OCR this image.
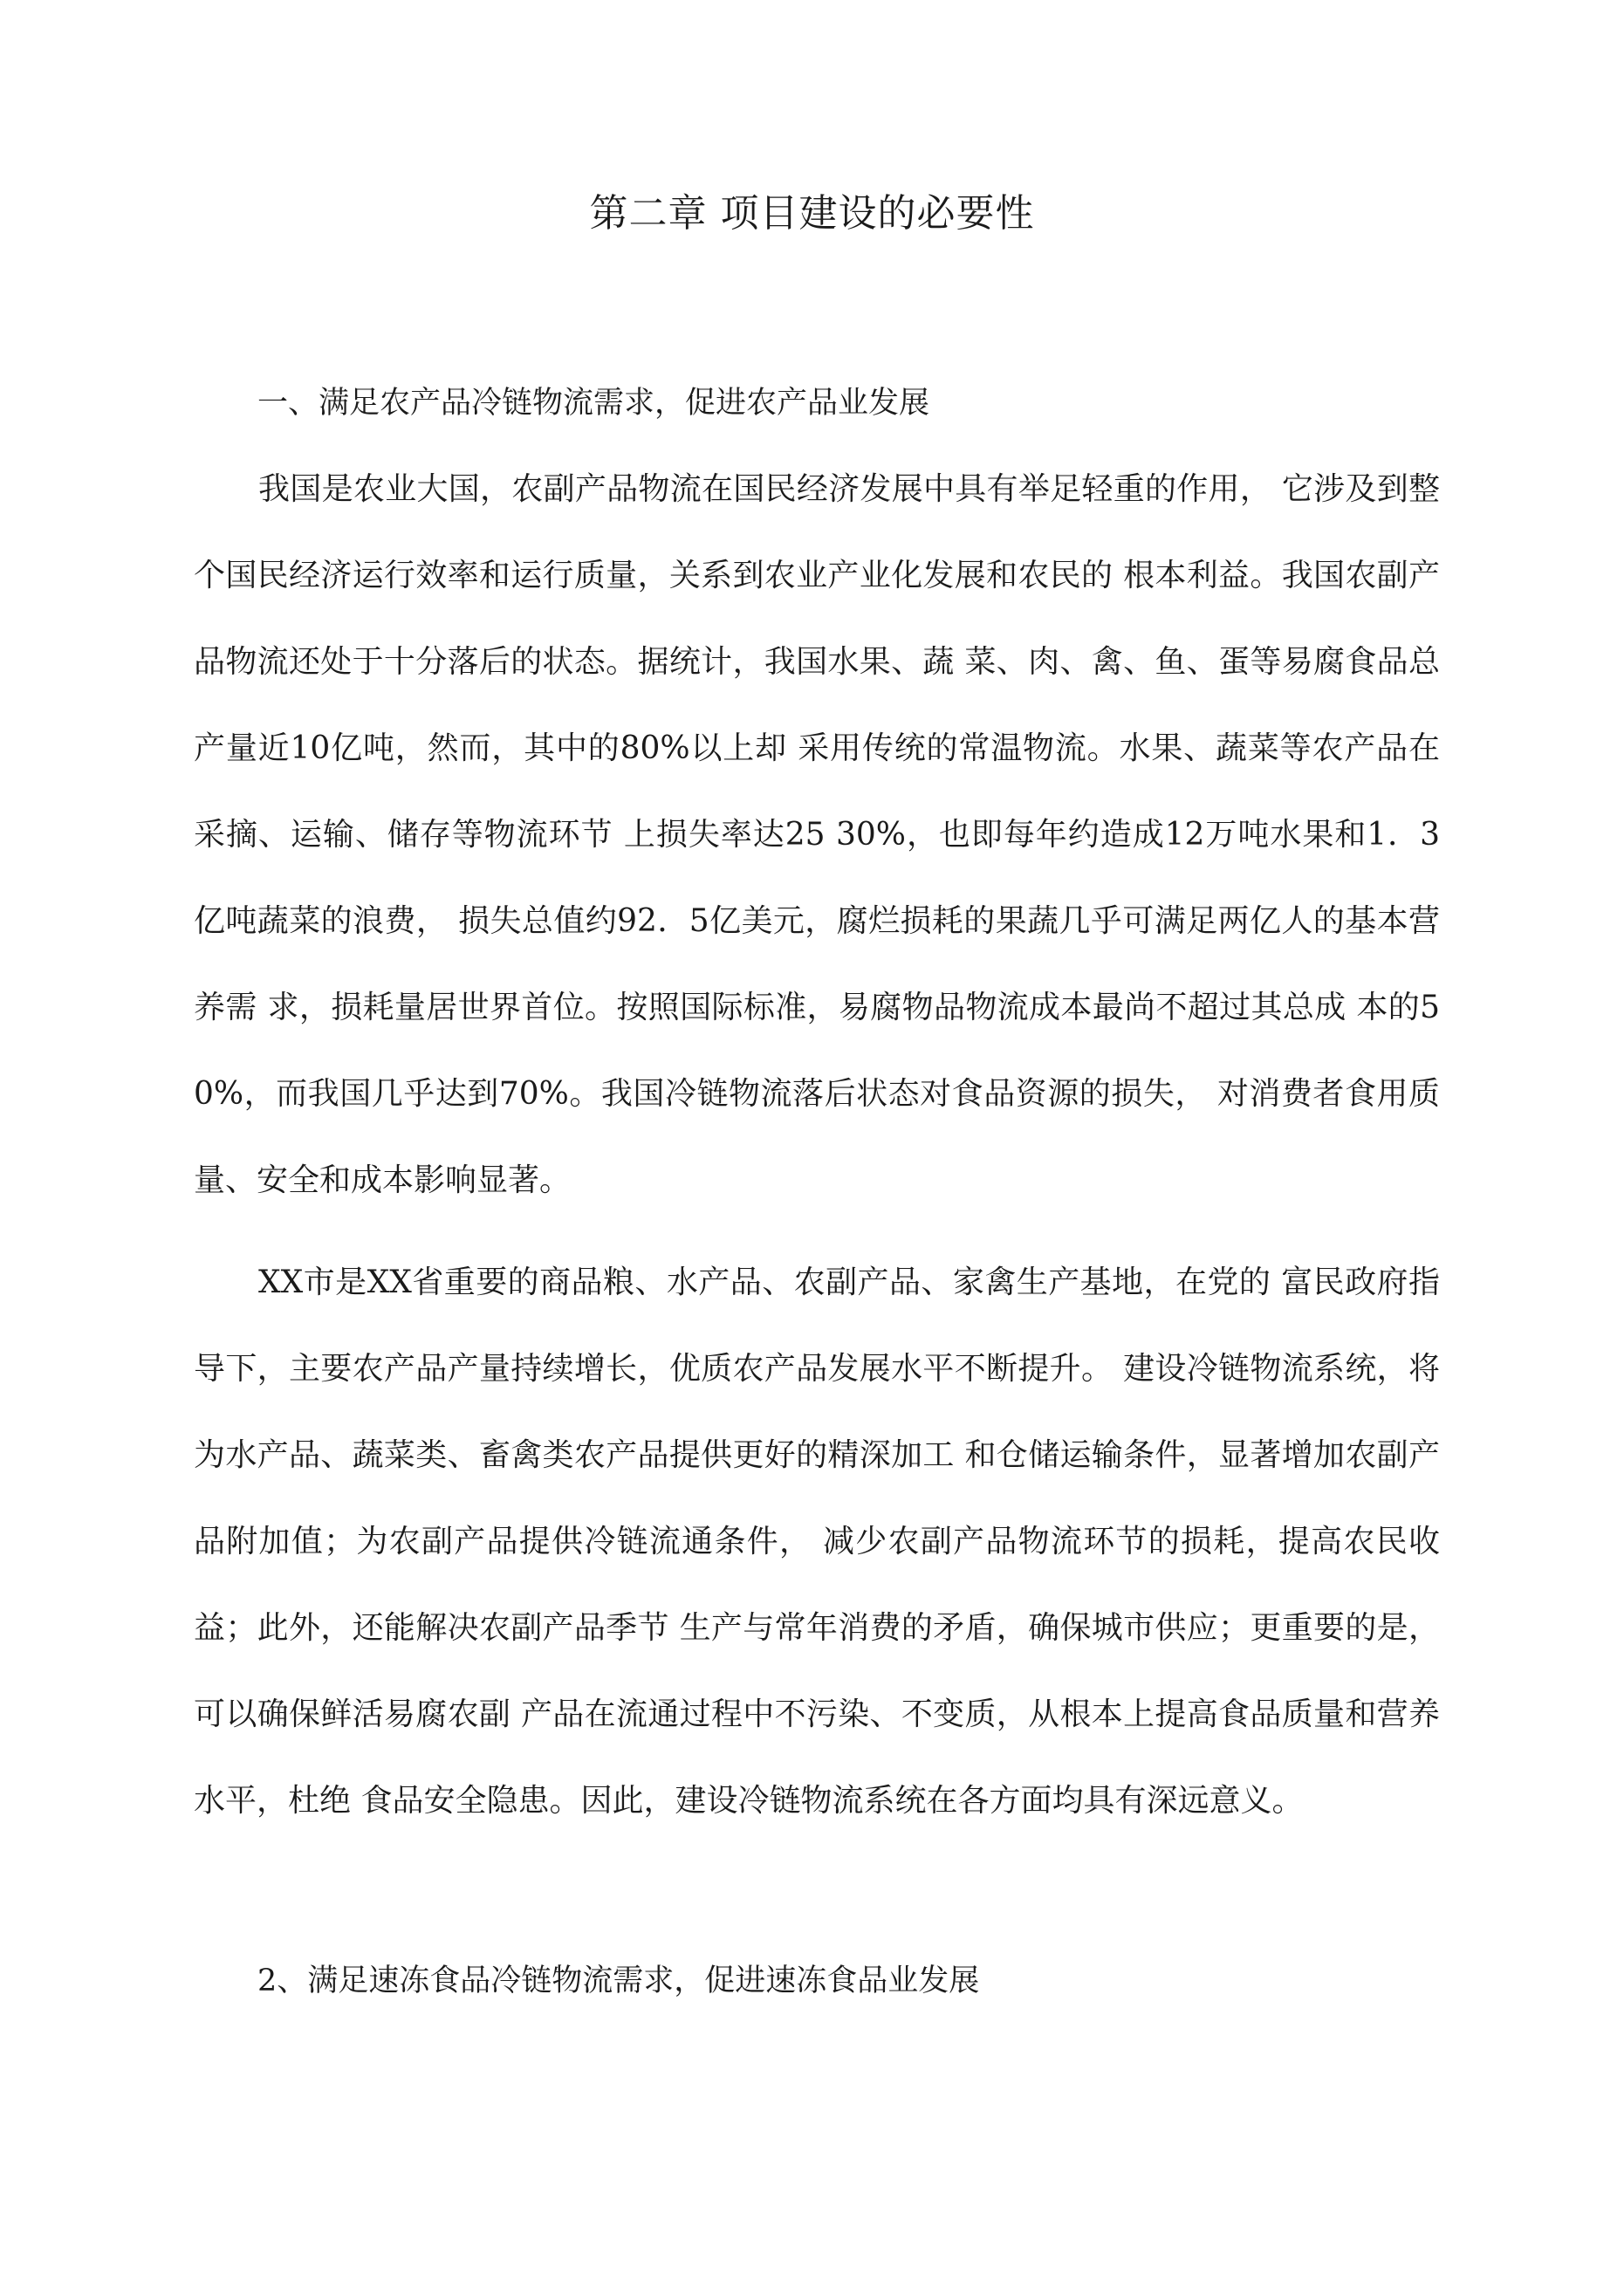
第二章 项目建设的必要性
一、满足农产品冷链物流需求，促进农产品业发展

我国是农业大国，农副产品物流在国民经济发展中具有举足轻重的作用， 它涉及到整个国民经济运行效率和运行质量，关系到农业产业化发展和农民的 根本利益。我国农副产品物流还处于十分落后的状态。据统计，我国水果、蔬 菜、肉、禽、鱼、蛋等易腐食品总产量近10亿吨，然而，其中的80%以上却 采用传统的常温物流。水果、蔬菜等农产品在采摘、运输、储存等物流环节 上损失率达25 30%，也即每年约造成12万吨水果和1．3亿吨蔬菜的浪费， 损失总值约92．5亿美元，腐烂损耗的果蔬几乎可满足两亿人的基本营养需 求，损耗量居世界首位。按照国际标准，易腐物品物流成本最尚不超过其总成 本的50%，而我国几乎达到70%。我国冷链物流落后状态对食品资源的损失， 对消费者食用质量、安全和成本影响显著。

XX市是XX省重要的商品粮、水产品、农副产品、家禽生产基地，在党的 富民政府指导下，主要农产品产量持续增长，优质农产品发展水平不断提升。 建设冷链物流系统，将为水产品、蔬菜类、畜禽类农产品提供更好的精深加工 和仓储运输条件，显著增加农副产品附加值；为农副产品提供冷链流通条件， 减少农副产品物流环节的损耗，提高农民收益；此外，还能解决农副产品季节 生产与常年消费的矛盾，确保城市供应；更重要的是，可以确保鲜活易腐农副 产品在流通过程中不污染、不变质，从根本上提高食品质量和营养水平，杜绝 食品安全隐患。因此，建设冷链物流系统在各方面均具有深远意义。

2、满足速冻食品冷链物流需求，促进速冻食品业发展
